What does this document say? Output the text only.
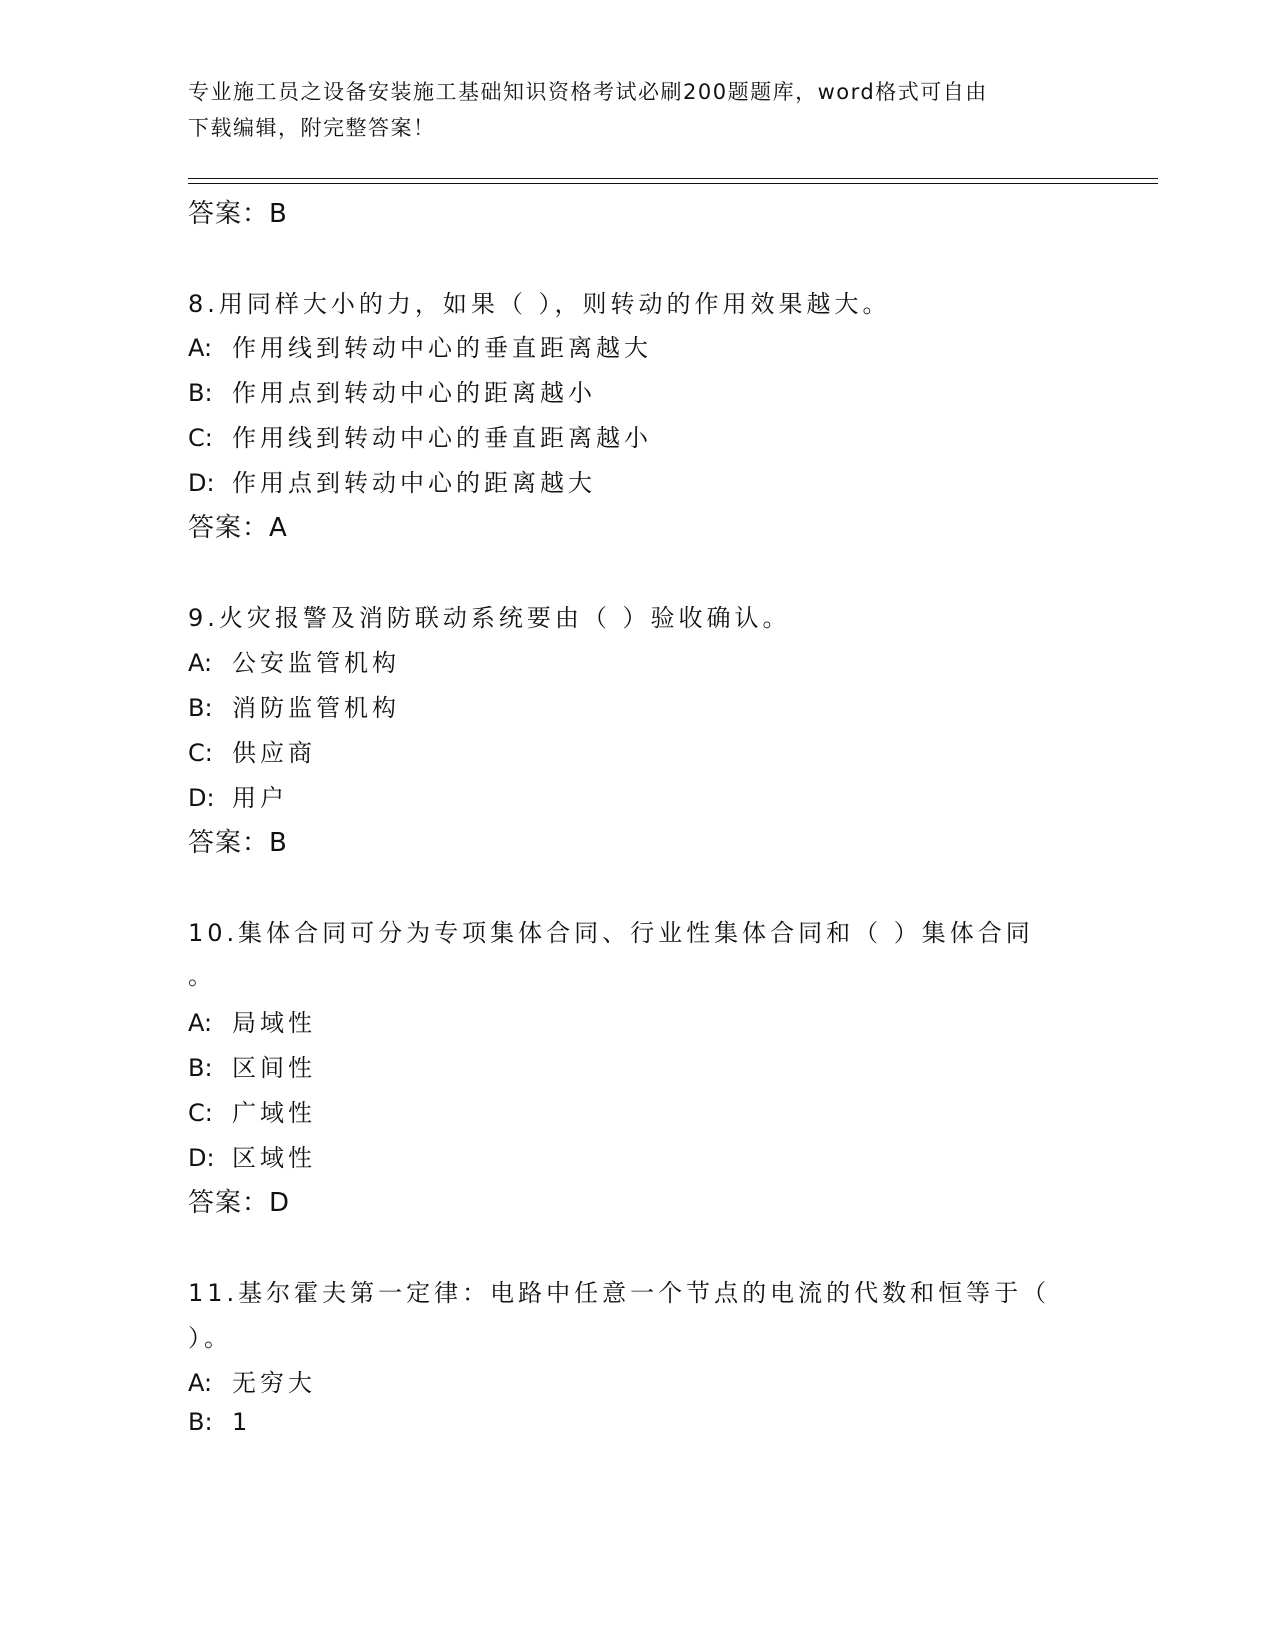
专业施工员之设备安装施工基础知识资格考试必刷200题题库，word格式可自由
下载编辑，附完整答案！
答案：B
8.用同样大小的力，如果（ ），则转动的作用效果越大。
A: 作用线到转动中心的垂直距离越大
B: 作用点到转动中心的距离越小
C: 作用线到转动中心的垂直距离越小
D: 作用点到转动中心的距离越大
答案：A
9.火灾报警及消防联动系统要由（ ）验收确认。
A: 公安监管机构
B: 消防监管机构
C: 供应商
D: 用户
答案：B
10.集体合同可分为专项集体合同、行业性集体合同和（ ）集体合同
。
A: 局域性
B: 区间性
C: 广域性
D: 区域性
答案：D
11.基尔霍夫第一定律：电路中任意一个节点的电流的代数和恒等于（
）。
A: 无穷大
B: 1
